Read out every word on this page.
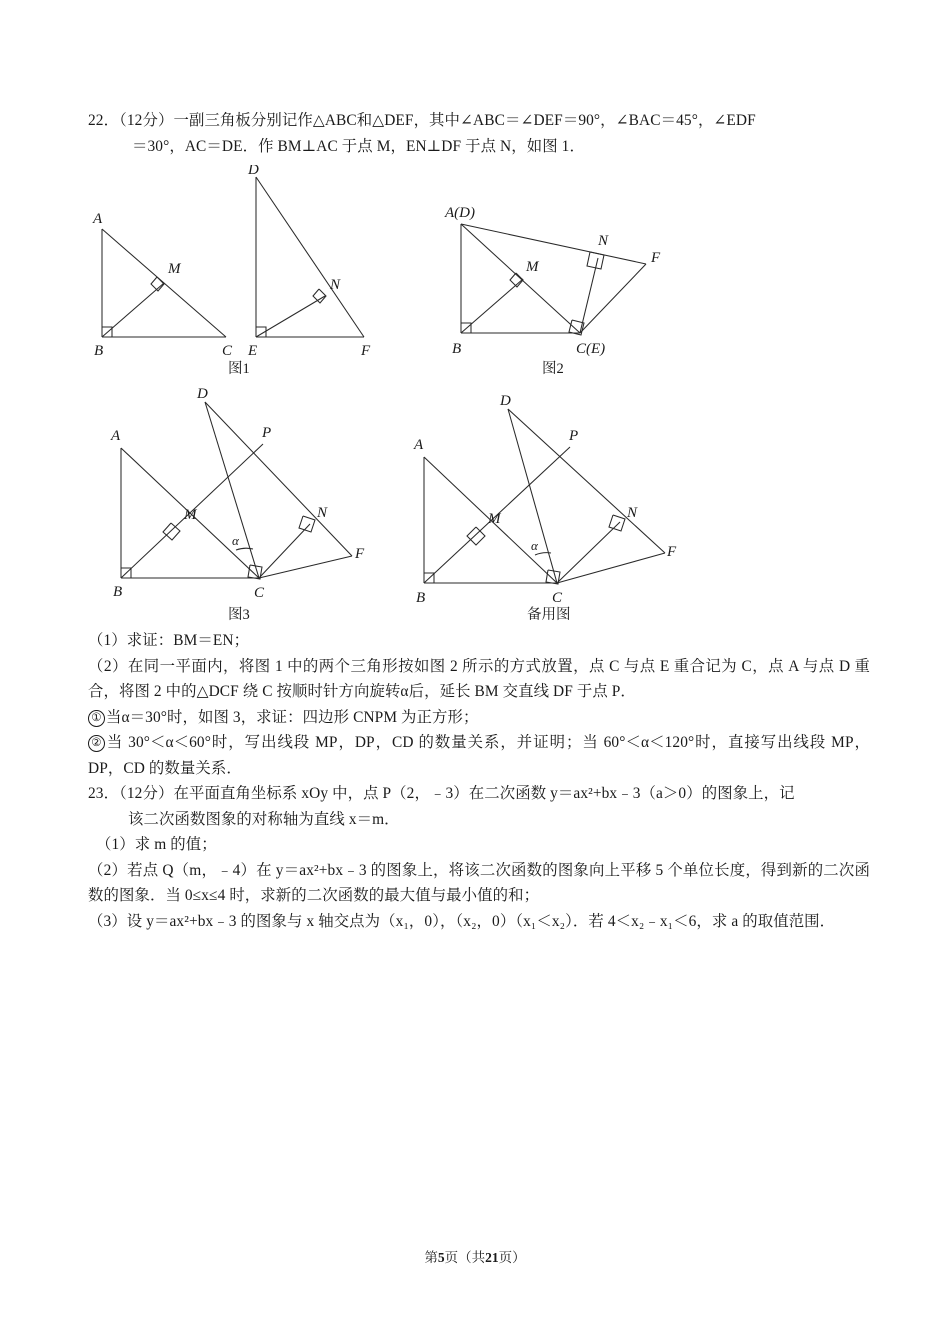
22．（12分）一副三角板分别记作△ABC和△DEF，其中∠ABC＝∠DEF＝90°，∠BAC＝45°，∠EDF
＝30°，AC＝DE．作 BM⊥AC 于点 M，EN⊥DF 于点 N，如图 1．

A
B	C
M
D
E	F
N
图1
A(D)
B	C(E)
M
N
F
图2
A
B	C
D
M	N
P
F
α
图3
A
B	C
D
M	N
P
F
α
备用图

（1）求证：BM＝EN；

（2）在同一平面内，将图 1 中的两个三角形按如图 2 所示的方式放置，点 C 与点 E 重合记为 C，点 A 与点 D 重合，将图 2 中的△DCF 绕 C 按顺时针方向旋转α后，延长 BM 交直线 DF 于点 P．

① 当α＝30°时，如图 3，求证：四边形 CNPM 为正方形；

② 当 30°＜α＜60°时，写出线段 MP，DP，CD 的数量关系，并证明；当 60°＜α＜120°时，直接写出线段 MP，DP，CD 的数量关系．

23．（12分）在平面直角坐标系 xOy 中，点 P（2，﹣3）在二次函数 y＝ax²+bx﹣3（a＞0）的图象上，记
该二次函数图象的对称轴为直线 x＝m．

（1）求 m 的值；

（2）若点 Q（m，﹣4）在 y＝ax²+bx﹣3 的图象上，将该二次函数的图象向上平移 5 个单位长度，得到新的二次函数的图象．当 0≤x≤4 时，求新的二次函数的最大值与最小值的和；

（3）设 y＝ax²+bx﹣3 的图象与 x 轴交点为（x₁，0），（x₂，0）（x₁＜x₂）．若 4＜x₂﹣x₁＜6，求 a 的取值范围．

第5页（共21页）
